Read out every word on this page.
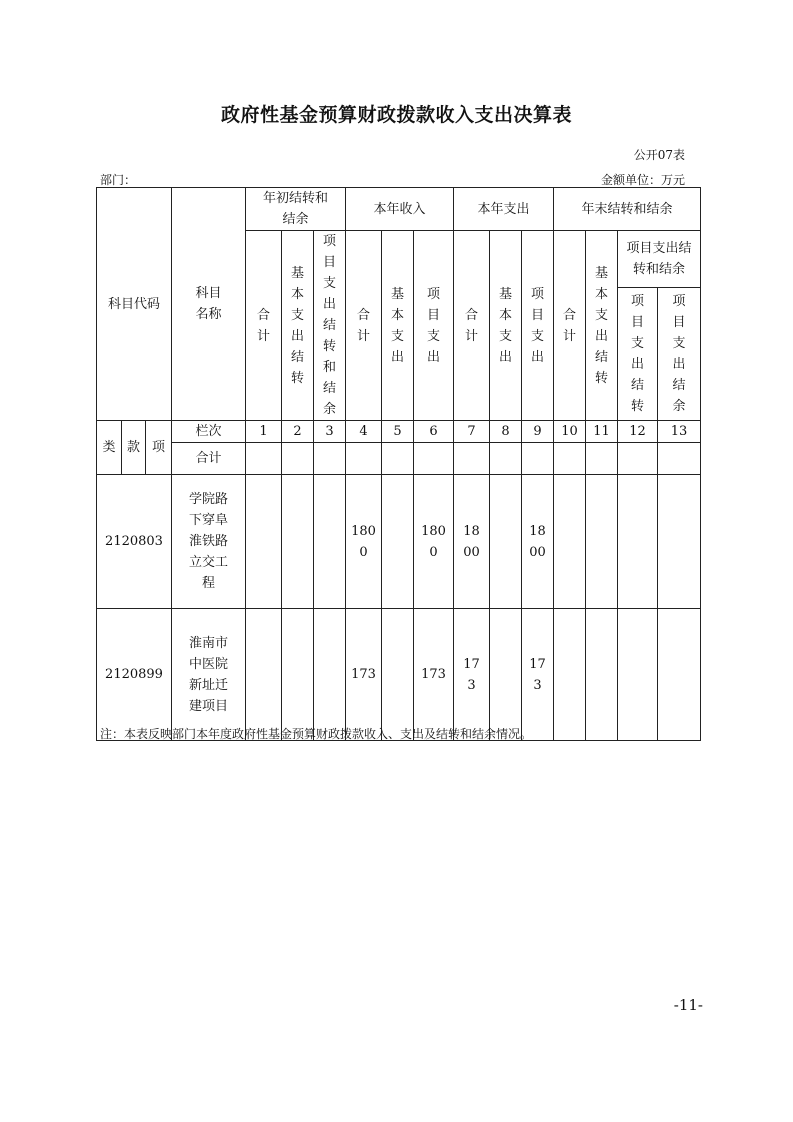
政府性基金预算财政拨款收入支出决算表
公开07表
部门：	金额单位：万元
科目代码			科目名称	年初结转和结余			本年收入			本年支出			年末结转和结余			
				合计	基本支出结转	项目支出结转和结余	合计	基本支出	项目支出	合计	基本支出	项目支出	合计	基本支出结转	项目支出结转和结余	
															项目支出结转	项目支出结余
类	款	项	栏次	1	2	3	4	5	6	7	8	9	10	11	12	13
			合计													
2120803			学院路下穿阜淮铁路立交工程				1800		1800	1800		1800				
2120899			淮南市中医院新址迁建项目				173		173	173		173				
注：本表反映部门本年度政府性基金预算财政拨款收入、支出及结转和结余情况。
-11-
